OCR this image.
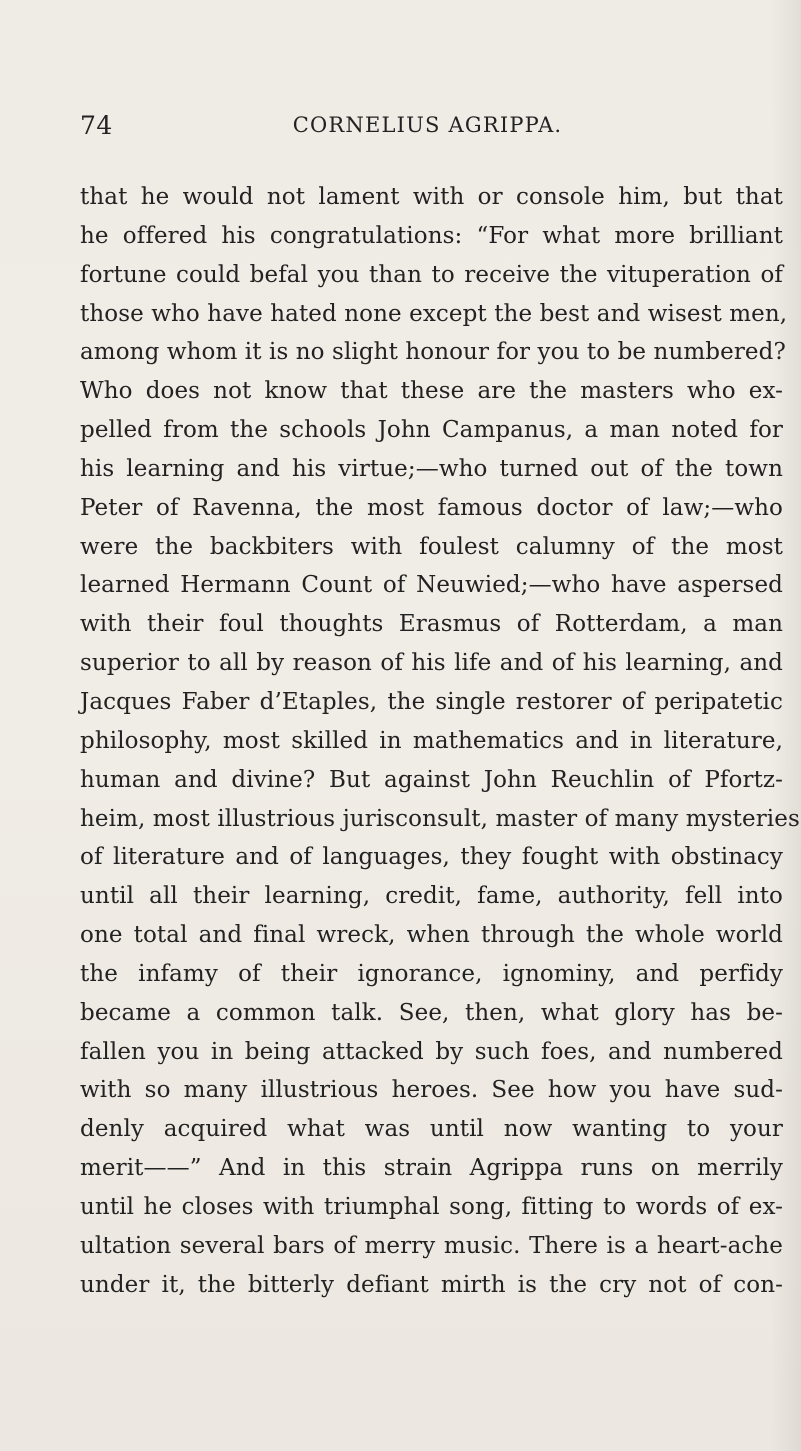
74	CORNELIUS AGRIPPA.
that he would not lament with or console him, but that
he offered his congratulations: “For what more brilliant
fortune could befal you than to receive the vituperation of
those who have hated none except the best and wisest men,
among whom it is no slight honour for you to be numbered?
Who does not know that these are the masters who ex-
pelled from the schools John Campanus, a man noted for
his learning and his virtue;—who turned out of the town
Peter of Ravenna, the most famous doctor of law;—who
were the backbiters with foulest calumny of the most
learned Hermann Count of Neuwied;—who have aspersed
with their foul thoughts Erasmus of Rotterdam, a man
superior to all by reason of his life and of his learning, and
Jacques Faber d’Etaples, the single restorer of peripatetic
philosophy, most skilled in mathematics and in literature,
human and divine? But against John Reuchlin of Pfortz-
heim, most illustrious jurisconsult, master of many mysteries
of literature and of languages, they fought with obstinacy
until all their learning, credit, fame, authority, fell into
one total and final wreck, when through the whole world
the infamy of their ignorance, ignominy, and perfidy
became a common talk. See, then, what glory has be-
fallen you in being attacked by such foes, and numbered
with so many illustrious heroes. See how you have sud-
denly acquired what was until now wanting to your
merit——” And in this strain Agrippa runs on merrily
until he closes with triumphal song, fitting to words of ex-
ultation several bars of merry music. There is a heart-ache
under it, the bitterly defiant mirth is the cry not of con-
